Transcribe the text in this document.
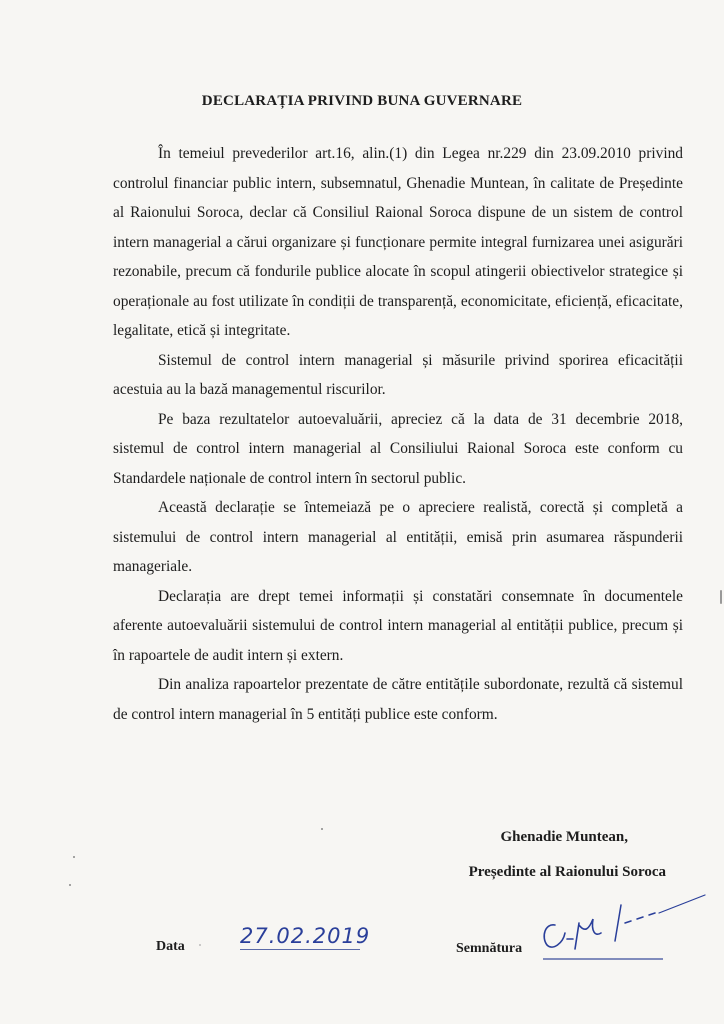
DECLARAȚIA PRIVIND BUNA GUVERNARE

În temeiul prevederilor art.16, alin.(1) din Legea nr.229 din 23.09.2010 privind controlul financiar public intern, subsemnatul, Ghenadie Muntean, în calitate de Președinte al Raionului Soroca, declar că Consiliul Raional Soroca dispune de un sistem de control intern managerial a cărui organizare și funcționare permite integral furnizarea unei asigurări rezonabile, precum că fondurile publice alocate în scopul atingerii obiectivelor strategice și operaționale au fost utilizate în condiții de transparență, economicitate, eficiență, eficacitate, legalitate, etică și integritate.

Sistemul de control intern managerial și măsurile privind sporirea eficacității acestuia au la bază managementul riscurilor.

Pe baza rezultatelor autoevaluării, apreciez că la data de 31 decembrie 2018, sistemul de control intern managerial al Consiliului Raional Soroca este conform cu Standardele naționale de control intern în sectorul public.

Această declarație se întemeiază pe o apreciere realistă, corectă și completă a sistemului de control intern managerial al entității, emisă prin asumarea răspunderii manageriale.

Declarația are drept temei informații și constatări consemnate în documentele aferente autoevaluării sistemului de control intern managerial al entității publice, precum și în rapoartele de audit intern și extern.

Din analiza rapoartelor prezentate de către entitățile subordonate, rezultă că sistemul de control intern managerial în 5 entități publice este conform.

Ghenadie Muntean,
Președinte al Raionului Soroca
Data	27.02.2019
Semnătura
